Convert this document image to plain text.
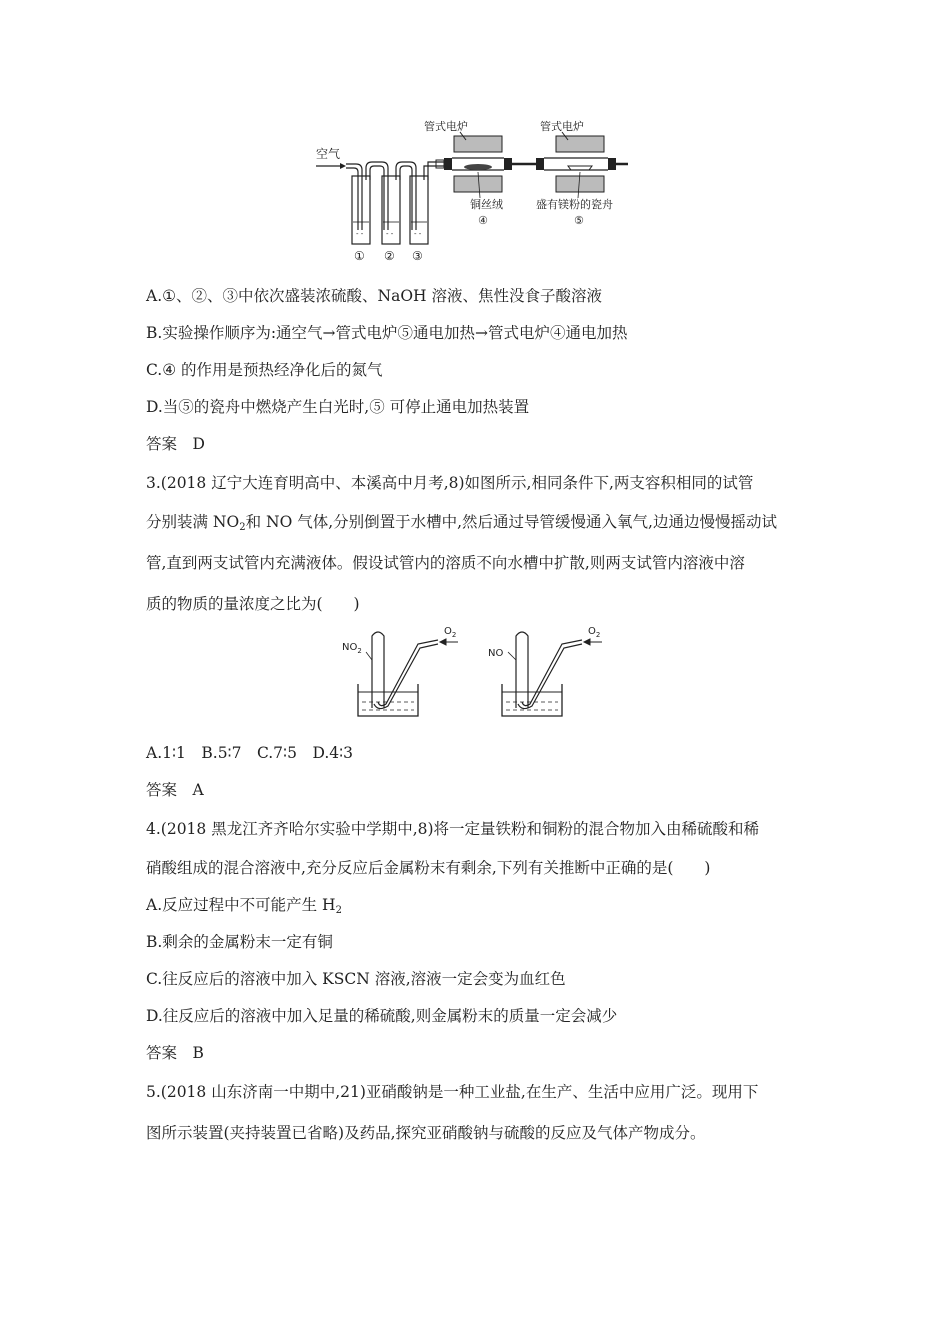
空气
- -	- -	- -
管式电炉
铜丝绒
④
管式电炉
盛有镁粉的瓷舟
⑤
① ② ③
A.①、②、③中依次盛装浓硫酸、NaOH 溶液、焦性没食子酸溶液
B.实验操作顺序为:通空气→管式电炉⑤通电加热→管式电炉④通电加热
C.④ 的作用是预热经净化后的氮气
D.当⑤的瓷舟中燃烧产生白光时,⑤ 可停止通电加热装置
答案　D
3.(2018 辽宁大连育明高中、本溪高中月考,8)如图所示,相同条件下,两支容积相同的试管
分别装满 $NO_2$和 NO 气体,分别倒置于水槽中,然后通过导管缓慢通入氧气,边通边慢慢摇动试
管,直到两支试管内充满液体。假设试管内的溶质不向水槽中扩散,则两支试管内溶液中溶
质的物质的量浓度之比为(　　)
$NO_2$
$O_2$
NO
$O_2$
A.1∶1　B.5∶7　C.7∶5　D.4∶3
答案　A
4.(2018 黑龙江齐齐哈尔实验中学期中,8)将一定量铁粉和铜粉的混合物加入由稀硫酸和稀
硝酸组成的混合溶液中,充分反应后金属粉末有剩余,下列有关推断中正确的是(　　)
A.反应过程中不可能产生 $H_2$
B.剩余的金属粉末一定有铜
C.往反应后的溶液中加入 KSCN 溶液,溶液一定会变为血红色
D.往反应后的溶液中加入足量的稀硫酸,则金属粉末的质量一定会减少
答案　B
5.(2018 山东济南一中期中,21)亚硝酸钠是一种工业盐,在生产、生活中应用广泛。现用下
图所示装置(夹持装置已省略)及药品,探究亚硝酸钠与硫酸的反应及气体产物成分。
